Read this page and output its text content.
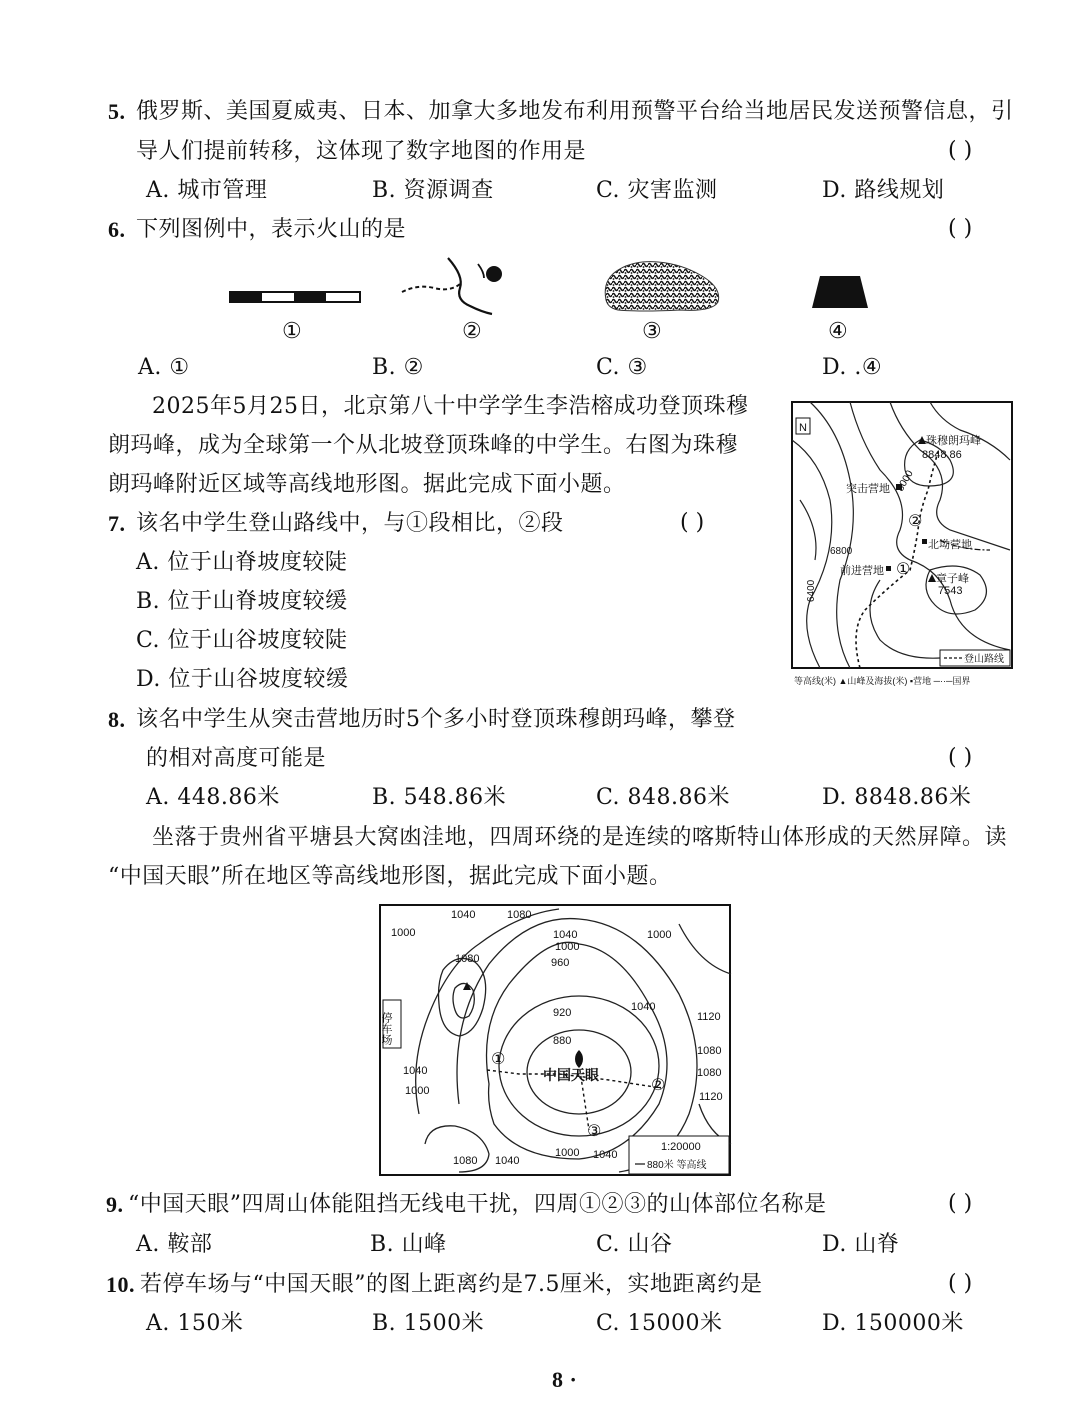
5. 俄罗斯、美国夏威夷、日本、加拿大多地发布利用预警平台给当地居民发送预警信息，引
导人们提前转移，这体现了数字地图的作用是	( )
A. 城市管理	B. 资源调查	C. 灾害监测	D. 路线规划
6. 下列图例中，表示火山的是	( )
①	②	③	④
A. ①	B. ②	C. ③	D. .④
2025年5月25日，北京第八十中学学生李浩榕成功登顶珠穆
朗玛峰，成为全球第一个从北坡登顶珠峰的中学生。右图为珠穆
朗玛峰附近区域等高线地形图。据此完成下面小题。
N
珠穆朗玛峰
8848.86
突击营地 8000
②
北坳营地
6800
前进营地 ①
章子峰
7543
6400
登山路线
等高线(米) ▲山峰及海拔(米) ▪营地 ─··─国界
7. 该名中学生登山路线中，与①段相比，②段	( )
A. 位于山脊坡度较陡
B. 位于山脊坡度较缓
C. 位于山谷坡度较陡
D. 位于山谷坡度较缓
8. 该名中学生从突击营地历时5个多小时登顶珠穆朗玛峰，攀登
的相对高度可能是	( )
A. 448.86米	B. 548.86米	C. 848.86米	D. 8848.86米
坐落于贵州省平塘县大窝凼洼地，四周环绕的是连续的喀斯特山体形成的天然屏障。读
“中国天眼”所在地区等高线地形图，据此完成下面小题。
停车场
中国天眼
①
②
③
1040	1080
1000	1040
1000
960
1000
1080
920	1040
1120
880
1080
1040	1080
1000	1120
1080 1040
1000 1040
1:20000
880米 等高线
9. “中国天眼”四周山体能阻挡无线电干扰，四周①②③的山体部位名称是	( )
A. 鞍部	B. 山峰	C. 山谷	D. 山脊
10. 若停车场与“中国天眼”的图上距离约是7.5厘米，实地距离约是	( )
A. 150米	B. 1500米	C. 15000米	D. 150000米
8 ·
